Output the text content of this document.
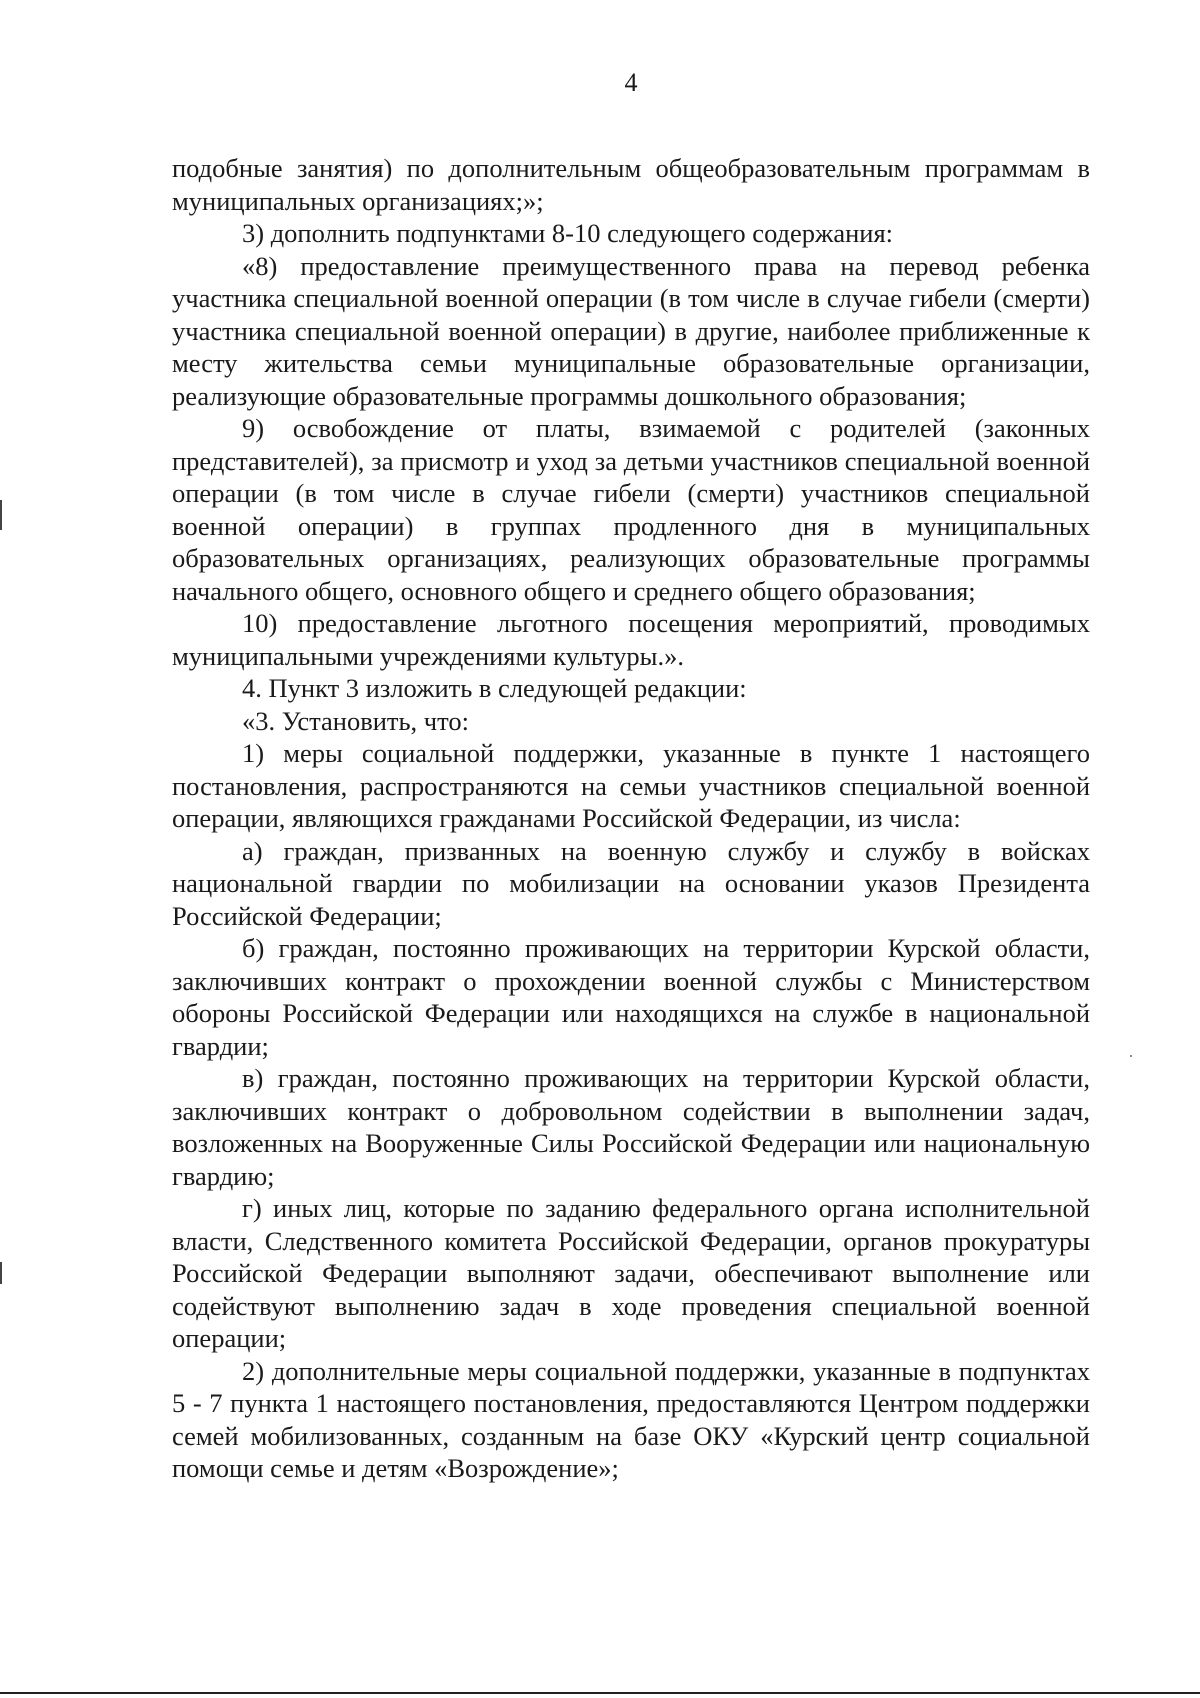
4

подобные занятия) по дополнительным общеобразовательным программам в муниципальных организациях;»;

3) дополнить подпунктами 8-10 следующего содержания:

«8) предоставление преимущественного права на перевод ребенка участника специальной военной операции (в том числе в случае гибели (смерти) участника специальной военной операции) в другие, наиболее приближенные к месту жительства семьи муниципальные образовательные организации, реализующие образовательные программы дошкольного образования;

9) освобождение от платы, взимаемой с родителей (законных представителей), за присмотр и уход за детьми участников специальной военной операции (в том числе в случае гибели (смерти) участников специальной военной операции) в группах продленного дня в муниципальных образовательных организациях, реализующих образовательные программы начального общего, основного общего и среднего общего образования;

10) предоставление льготного посещения мероприятий, проводимых муниципальными учреждениями культуры.».

4. Пункт 3 изложить в следующей редакции:

«3. Установить, что:

1) меры социальной поддержки, указанные в пункте 1 настоящего постановления, распространяются на семьи участников специальной военной операции, являющихся гражданами Российской Федерации, из числа:

а) граждан, призванных на военную службу и службу в войсках национальной гвардии по мобилизации на основании указов Президента Российской Федерации;

б) граждан, постоянно проживающих на территории Курской области, заключивших контракт о прохождении военной службы с Министерством обороны Российской Федерации или находящихся на службе в национальной гвардии;

в) граждан, постоянно проживающих на территории Курской области, заключивших контракт о добровольном содействии в выполнении задач, возложенных на Вооруженные Силы Российской Федерации или национальную гвардию;

г) иных лиц, которые по заданию федерального органа исполнительной власти, Следственного комитета Российской Федерации, органов прокуратуры Российской Федерации выполняют задачи, обеспечивают выполнение или содействуют выполнению задач в ходе проведения специальной военной операции;

2) дополнительные меры социальной поддержки, указанные в подпунктах 5 - 7 пункта 1 настоящего постановления, предоставляются Центром поддержки семей мобилизованных, созданным на базе ОКУ «Курский центр социальной помощи семье и детям «Возрождение»;
